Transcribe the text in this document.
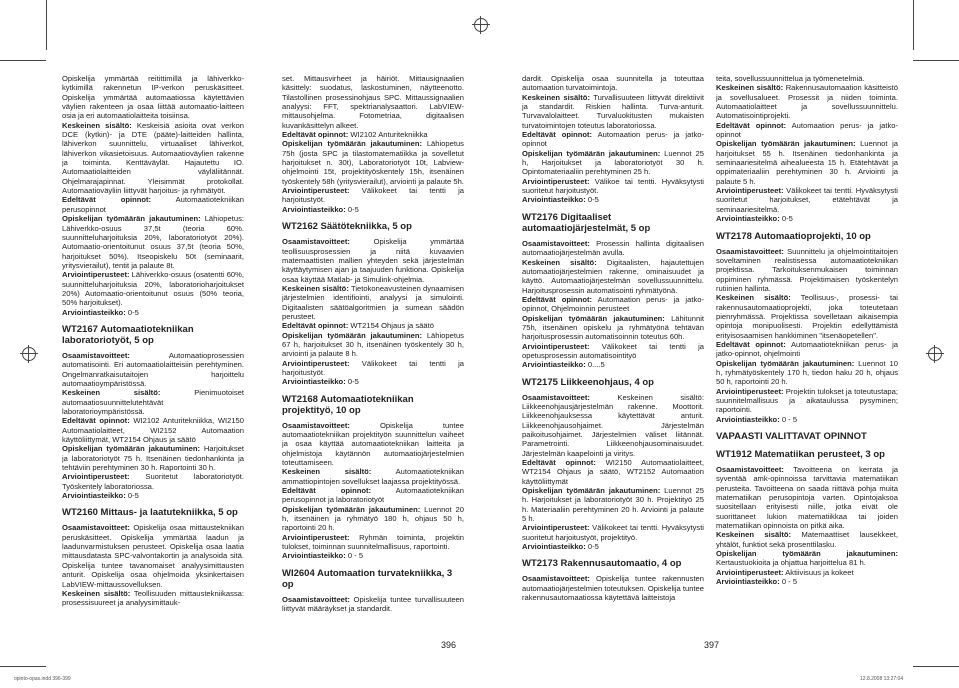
Opiskelija ymmärtää reitittimillä ja lähiverkko-kytkimillä rakennetun IP-verkon peruskäsitteet. Opiskelija ymmärtää automaatiossa käytettävien väylien rakenteen ja osaa liittää automaatio-laitteen osia ja eri automaatiolaitteita toisiinsa.

Keskeinen sisältö: Keskeisiä asioita ovat verkon DCE (kytkin)- ja DTE (pääte)-laitteiden hallinta, lähiverkon suunnittelu, virtuaaliset lähiverkot, lähiverkon vikasietoisuus. Automaatioväylien rakenne ja toiminta. Kenttäväylät. Hajautettu IO. Automaatiolaitteiden väyläliitännät. Ohjelmarajapinnat. Yleisimmät protokollat. Automaatioväyliin liittyvät harjoitus- ja ryhmätyöt.

Edeltävät opinnot: Automaatiotekniikan perusopinnot

Opiskelijan työmäärän jakautuminen: Lähiopetus: Lähiverkko-osuus 37,5t (teoria 60%. suunnitteluharjoituksia 20%, laboratoriotyöt 20%). Automaatio-orientoitunut osuus 37,5t (teoria 50%, harjoitukset 50%). Itseopiskelu 50t (seminaarit, yritysvierailut), tentit ja palaute 8t.

Arviointiperusteet: Lähiverkko-osuus (osatentti 60%, suunnitteluharjoituksia 20%, laboratorioharjoitukset 20%) Automaatio-orientoitunut osuus (50% teoria, 50% harjoitukset).

Arviointiasteikko: 0-5

WT2167 Automaatiotekniikan laboratoriotyöt, 5 op

Osaamistavoitteet: Automaatioprosessien automatisointi. Eri automaatiolaitteisiin perehtyminen. Ongelmanratkaisutaitojen harjoittelu automaatioympäristössä.

Keskeinen sisältö: Pienimuotoiset automaatiosuunnittelutehtävät laboratorioympäristössä.

Edeltävät opinnot: WI2102 Anturitekniikka, WI2150 Automaatiolaitteet, WI2152 Automaation käyttöliittymät, WT2154 Ohjaus ja säätö

Opiskelijan työmäärän jakautuminen: Harjoitukset ja laboratoriotyöt 75 h. Itsenäinen tiedonhankinta ja tehtäviin perehtyminen 30 h. Raportointi 30 h.

Arviointiperusteet: Suoritetut laboratoriotyöt. Työskentely laboratoriossa.

Arviointiasteikko: 0-5

WT2160 Mittaus- ja laatutekniikka, 5 op

Osaamistavoitteet: Opiskelija osaa mittaustekniikan peruskäsitteet. Opiskelija ymmärtää laadun ja laadunvarmistuksen perusteet. Opiskelija osaa laatia mittausdatasta SPC-valvontakortin ja analysoida sitä. Opiskelija tuntee tavanomaiset analyysimittausten anturit. Opiskelija osaa ohjelmoida yksinkertaisen LabVIEW-mittaussovelluksen.

Keskeinen sisältö: Teollisuuden mittaustekniikassa: prosessisuureet ja analyysimittauk-

set. Mittausvirheet ja häiriöt. Mittausignaalien käsittely: suodatus, laskostuminen, näytteenotto. Tilastollinen prosessinohjaus SPC. Mittaussignaalien analyysi: FFT, spektrianalysaattori. LabVIEW-mittausohjelma. Fotometriaa, digitaalisen kuvankäsittelyn alkeet.

Edeltävät opinnot: WI2102 Anturitekniikka

Opiskelijan työmäärän jakautuminen: Lähiopetus 75h (josta SPC ja tilastomatematiikka ja sovelletut harjoitukset n. 30t), Laboratoriotyöt 10t, Labview-ohjelmointi 15t, projektityöskentely 15h, itsenäinen työskentely 58h (yritysvierailut), arviointi ja palaute 5h.

Arviointiperusteet: Välikokeet tai tentti ja harjoitustyöt.

Arviointiasteikko: 0-5

WT2162 Säätötekniikka, 5 op

Osaamistavoitteet: Opiskelija ymmärtää teollisuusprosessien ja niitä kuvaavien matemaattisten mallien yhteyden sekä järjestelmän käyttäytymisen ajan ja taajuuden funktiona. Opiskelija osaa käyttää Matlab- ja Simulink-ohjelmia.

Keskeinen sisältö: Tietokoneavusteinen dynaamisen järjestelmien identifiointi, analyysi ja simulointi. Digitaalisten säätöalgoritmien ja sumean säädön perusteet.

Edeltävät opinnot: WT2154 Ohjaus ja säätö

Opiskelijan työmäärän jakautuminen: Lähiopetus 67 h, harjoitukset 30 h, itsenäinen työskentely 30 h, arviointi ja palaute 8 h.

Arviointiperusteet: Välikokeet tai tentti ja harjoitustyöt.

Arviointiasteikko: 0-5

WT2168 Automaatiotekniikan projektityö, 10 op

Osaamistavoitteet: Opiskelija tuntee automaatiotekniikan projektityön suunnittelun vaiheet ja osaa käyttää automaatiotekniikan laitteita ja ohjelmistoja käytännön automaatiojärjestelmien toteuttamiseen.

Keskeinen sisältö: Automaatiotekniikan ammattiopintojen sovellukset laajassa projektityössä.

Edeltävät opinnot: Automaatiotekniikan perusopinnot ja laboratoriotyöt

Opiskelijan työmäärän jakautuminen: Luennot 20 h, itsenäinen ja ryhmätyö 180 h, ohjaus 50 h, raportointi 20 h.

Arviointiperusteet: Ryhmän toiminta, projektin tulokset, toiminnan suunnitelmallisuus, raportointi.

Arviointiasteikko: 0 - 5

WI2604 Automaation turvatekniikka, 3 op

Osaamistavoitteet: Opiskelija tuntee turvallisuuteen liittyvät määräykset ja standardit.

dardit. Opiskelija osaa suunnitella ja toteuttaa automaation turvatoimintoja.

Keskeinen sisältö: Turvallisuuteen liittyvät direktiivit ja standardit. Riskien hallinta. Turva-anturit. Turvavalolaitteet. Turvaluokitusten mukaisten turvatoimintojen toteutus laboratoriossa.

Edeltävät opinnot: Automaation perus- ja jatko-opinnot

Opiskelijan työmäärän jakautuminen: Luennot 25 h, Harjoitukset ja laboratoriotyöt 30 h. Opintomateriaaliin perehtyminen 25 h.

Arviointiperusteet: Välikoe tai tentti. Hyväksytysti suoritetut harjoitustyöt.

Arviointiasteikko: 0-5

WT2176 Digitaaliset automaatiojärjestelmät, 5 op

Osaamistavoitteet: Prosessin hallinta digitaalisen automaatiojärjestelmän avulla.

Keskeinen sisältö: Digitaalisten, hajautettujen automaatiojärjestelmien rakenne, ominaisuudet ja käyttö. Automaatiojärjestelmän sovellussuunnittelu. Harjoitusprosessin automatisointi ryhmätyönä.

Edeltävät opinnot: Automaation perus- ja jatko-opinnot, Ohjelmoinnin perusteet

Opiskelijan työmäärän jakautuminen: Lähitunnit 75h, itsenäinen opiskelu ja ryhmätyönä tehtävän harjoitusprosessin automatisoinnin toteutus 60h.

Arviointiperusteet: Välikokeet tai tentti ja opetusprosessin automatisointityö

Arviointiasteikko: 0....5

WT2175 Liikkeenohjaus, 4 op

Osaamistavoitteet: Keskeinen sisältö: Liikkeenohjausjärjestelmän rakenne. Moottorit. Liikkeenohjauksessa käytettävät anturit. Liikkeenohjausohjaimet. Järjestelmän paikoitusohjaimet. Järjestelmien väliset liitännät. Parametrointi. Liikkeenohjausominaisuudet. Järjestelmän kaapelointi ja viritys.

Edeltävät opinnot: WI2150 Automaatiolaitteet, WT2154 Ohjaus ja säätö, WT2152 Automaation käyttöliittymät

Opiskelijan työmäärän jakautuminen: Luennot 25 h. Harjoitukset ja laboratoriotyöt 30 h. Projektityö 25 h. Materiaaliin perehtyminen 20 h. Arviointi ja palaute 5 h.

Arviointiperusteet: Välikokeet tai tentti. Hyväksytysti suoritetut harjoitustyöt, projektityö.

Arviointiasteikko: 0-5

WT2173 Rakennusautomaatio, 4 op

Osaamistavoitteet: Opiskelija tuntee rakennusten automaatiojärjestelmien toteutuksen. Opiskelija tuntee rakennusautomaatiossa käytettävä laitteistoja

teita, sovellussuunnittelua ja työmenetelmiä.

Keskeinen sisältö: Rakennusautomaation käsitteistö ja sovellusalueet. Prosessit ja niiden toiminta. Automaatiolaitteet ja sovellussuunnittelu. Automatisointiprojekti.

Edeltävät opinnot: Automaation perus- ja jatko-opinnot

Opiskelijan työmäärän jakautuminen: Luennot ja harjoitukset 55 h. Itsenäinen tiedonhankinta ja seminaariesitelmä aihealueesta 15 h. Etätehtävät ja oppimateriaaliin perehtyminen 30 h. Arviointi ja palaute 5 h.

Arviointiperusteet: Välikokeet tai tentti. Hyväksytysti suoritetut harjoitukset, etätehtävät ja seminaariesitelmä.

Arviointiasteikko: 0-5

WT2178 Automaatioprojekti, 10 op

Osaamistavoitteet: Suunnittelu ja ohjelmointitaitojen soveltaminen realistisessa automaatiotekniikan projektissa. Tarkoituksenmukaisen toiminnan oppiminen ryhmässä. Projektimaisen työskentelyn rutiinien hallinta.

Keskeinen sisältö: Teollisuus-, prosessi- tai rakennusautomaatioprojekti, joka toteutetaan pienryhmässä. Projektissa sovelletaan aikaisempia opintoja monipuolisesti. Projektin edellyttämistä erityisosaamisen hankkiminen "itsenäopetellen".

Edeltävät opinnot: Automaatiotekniikan perus- ja jatko-opinnot, ohjelmointi

Opiskelijan työmäärän jakautuminen: Luennot 10 h, ryhmätyöskentely 170 h, tiedon haku 20 h, ohjaus 50 h, raportointi 20 h.

Arviointiperusteet: Projektin tulokset ja toteutustapa; suunnitelmallisuus ja aikataulussa pysyminen; raportointi.

Arviointiasteikko: 0 - 5

VAPAASTI VALITTAVAT OPINNOT
WT1912 Matematiikan perusteet, 3 op

Osaamistavoitteet: Tavoitteena on kerrata ja syventää amk-opinnoissa tarvittavia matematiikan perusteita. Tavoitteena on saada riittävä pohja muita matematiikan perusopintoja varten. Opintojaksoa suositellaan erityisesti niille, jotka eivät ole suorittaneet lukion matematiikkaa tai joiden matematiikan opinnoista on pitkä aika.

Keskeinen sisältö: Matemaattiset lausekkeet, yhtälöt, funktiot sekä prosenttilasku.

Opiskelijan työmäärän jakautuminen: Kertaustuokioita ja ohjattua harjoittelua 81 h.

Arviointiperusteet: Aktiivisuus ja kokeet

Arviointiasteikko: 0 - 5

396	397
opinto-opas.indd 396-399	12.8.2008 13:27:04
